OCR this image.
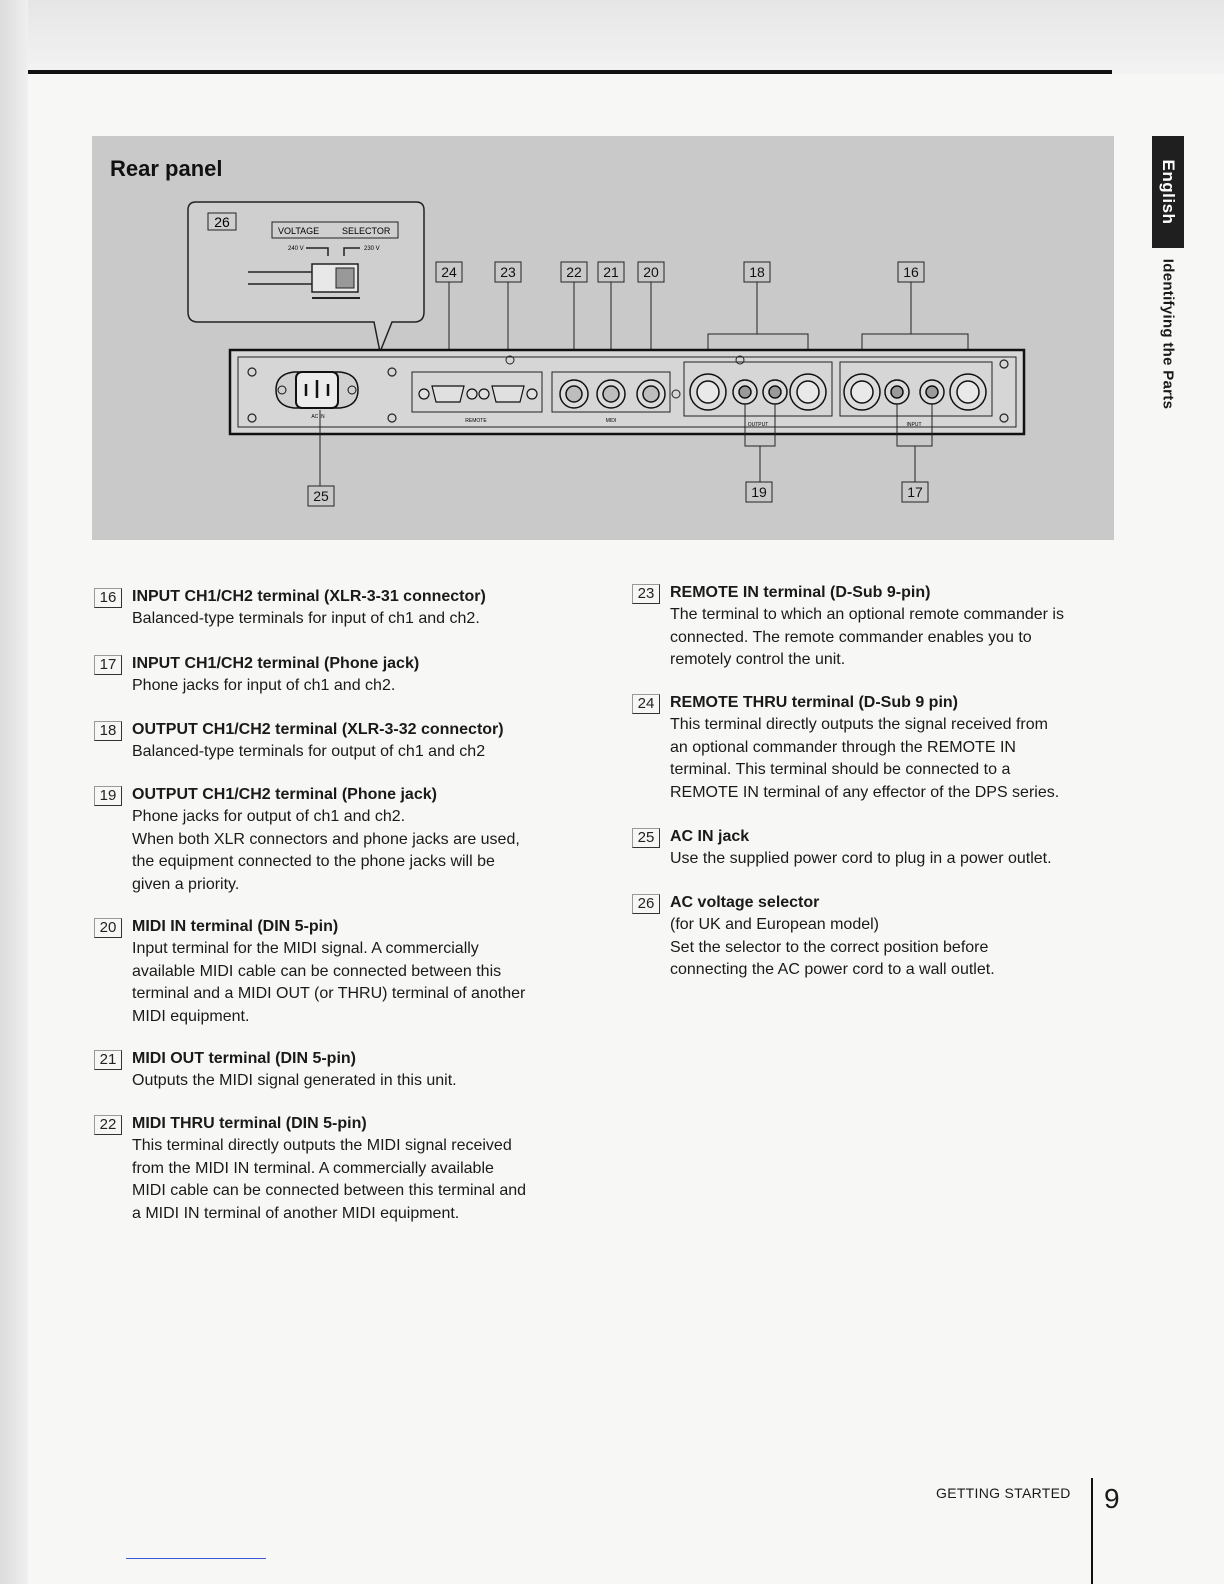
English
Identifying the Parts
Rear panel
26
VOLTAGE	SELECTOR
240 V	230 V
24	23	22 21 20	18	16
AC IN
REMOTE	MIDI
OUTPUT	INPUT
25	19	17
16 INPUT CH1/CH2 terminal (XLR-3-31 connector)
Balanced-type terminals for input of ch1 and ch2.
17 INPUT CH1/CH2 terminal (Phone jack)
Phone jacks for input of ch1 and ch2.
18 OUTPUT CH1/CH2 terminal (XLR-3-32 connector)
Balanced-type terminals for output of ch1 and ch2
19 OUTPUT CH1/CH2 terminal (Phone jack)
Phone jacks for output of ch1 and ch2.
When both XLR connectors and phone jacks are used,
the equipment connected to the phone jacks will be
given a priority.
20 MIDI IN terminal (DIN 5-pin)
Input terminal for the MIDI signal. A commercially
available MIDI cable can be connected between this
terminal and a MIDI OUT (or THRU) terminal of another
MIDI equipment.
21 MIDI OUT terminal (DIN 5-pin)
Outputs the MIDI signal generated in this unit.
22 MIDI THRU terminal (DIN 5-pin)
This terminal directly outputs the MIDI signal received
from the MIDI IN terminal. A commercially available
MIDI cable can be connected between this terminal and
a MIDI IN terminal of another MIDI equipment.
23 REMOTE IN terminal (D-Sub 9-pin)
The terminal to which an optional remote commander is
connected. The remote commander enables you to
remotely control the unit.
24 REMOTE THRU terminal (D-Sub 9 pin)
This terminal directly outputs the signal received from
an optional commander through the REMOTE IN
terminal. This terminal should be connected to a
REMOTE IN terminal of any effector of the DPS series.
25 AC IN jack
Use the supplied power cord to plug in a power outlet.
26 AC voltage selector
(for UK and European model)
Set the selector to the correct position before
connecting the AC power cord to a wall outlet.
GETTING STARTED 9
